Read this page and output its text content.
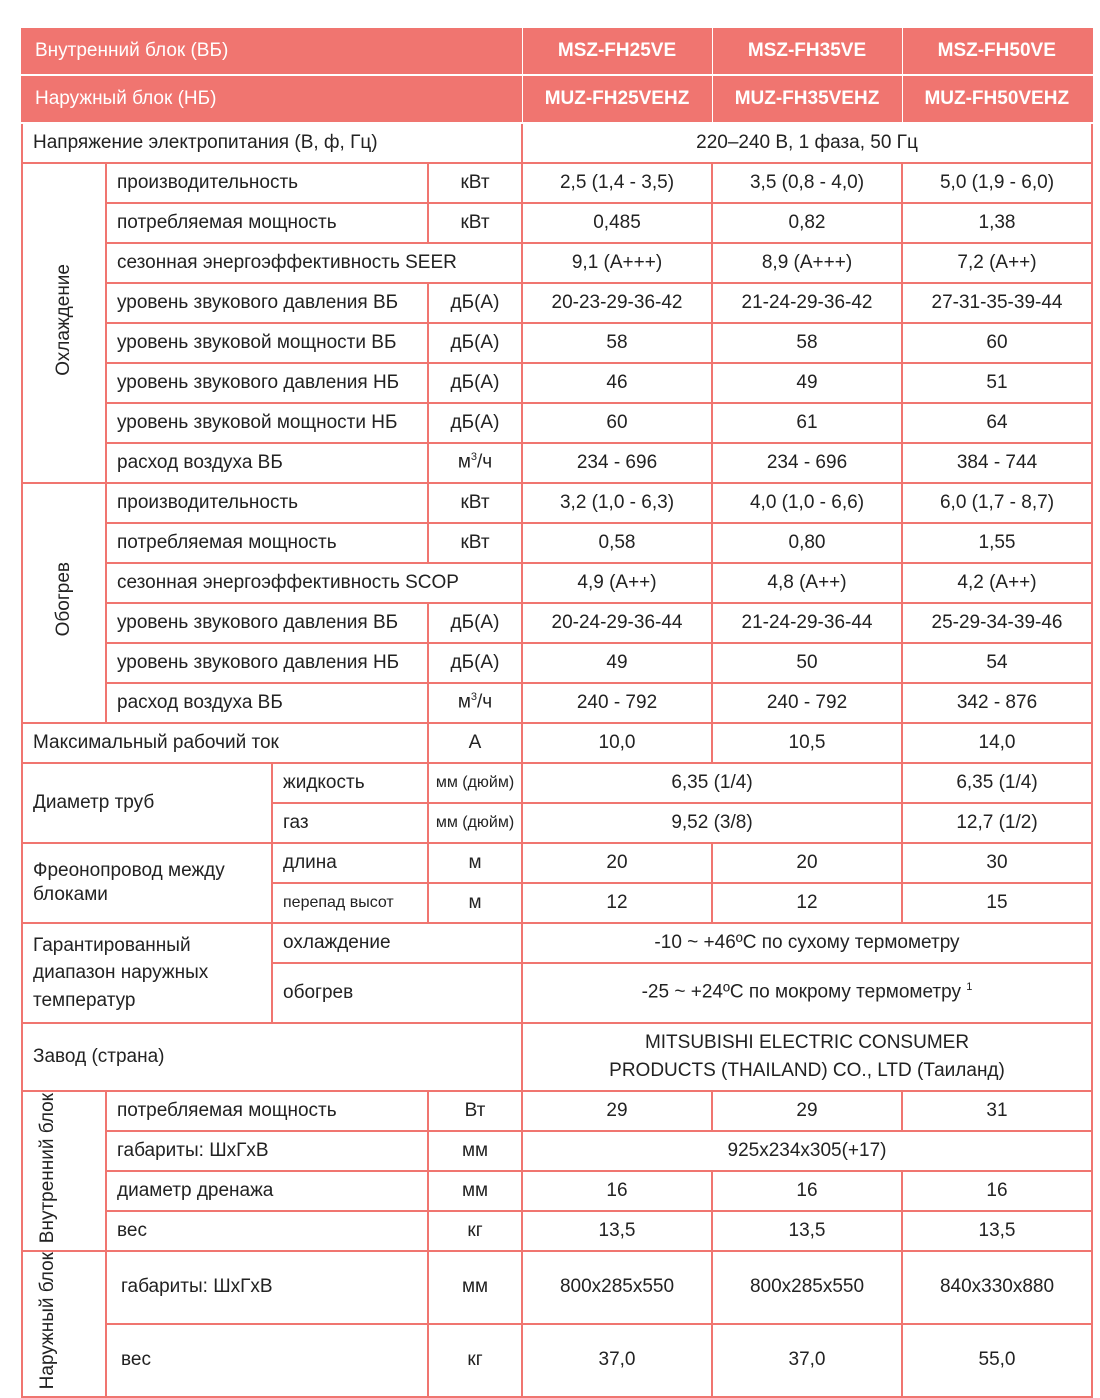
Внутренний блок (ВБ)				MSZ-FH25VE	MSZ-FH35VE	MSZ-FH50VE
Наружный блок (НБ)				MUZ-FH25VEHZ	MUZ-FH35VEHZ	MUZ-FH50VEHZ
Напряжение электропитания (В, ф, Гц)				220–240 В, 1 фаза, 50 Гц		
Охлаждение	производительность		кВт	2,5 (1,4 - 3,5)	3,5 (0,8 - 4,0)	5,0 (1,9 - 6,0)
	потребляемая мощность		кВт	0,485	0,82	1,38
	сезонная энергоэффективность SEER			9,1 (A+++)	8,9 (A+++)	7,2 (A++)
	уровень звукового давления ВБ		дБ(А)	20-23-29-36-42	21-24-29-36-42	27-31-35-39-44
	уровень звуковой мощности ВБ		дБ(А)	58	58	60
	уровень звукового давления НБ		дБ(А)	46	49	51
	уровень звуковой мощности НБ		дБ(А)	60	61	64
	расход воздуха ВБ		$м^3/ч$	234 - 696	234 - 696	384 - 744
Обогрев	производительность		кВт	3,2 (1,0 - 6,3)	4,0 (1,0 - 6,6)	6,0 (1,7 - 8,7)
	потребляемая мощность		кВт	0,58	0,80	1,55
	сезонная энергоэффективность SCOP			4,9 (A++)	4,8 (A++)	4,2 (A++)
	уровень звукового давления ВБ		дБ(А)	20-24-29-36-44	21-24-29-36-44	25-29-34-39-46
	уровень звукового давления НБ		дБ(А)	49	50	54
	расход воздуха ВБ		$м^3/ч$	240 - 792	240 - 792	342 - 876
Максимальный рабочий ток			А	10,0	10,5	14,0
Диаметр труб		жидкость	мм (дюйм)	6,35 (1/4)		6,35 (1/4)
		газ	мм (дюйм)	9,52 (3/8)		12,7 (1/2)
Фреонопровод между блоками		длина	м	20	20	30
		перепад высот	м	12	12	15
Гарантированный диапазон наружных температур		охлаждение		-10 ~ +46ºС по сухому термометру		
		обогрев		-25 ~ +24ºС по мокрому термометру $^1$
Завод (страна)				MITSUBISHI ELECTRIC CONSUMER
PRODUCTS (THAILAND) CO., LTD (Таиланд)		
Внутренний блок	потребляемая мощность		Вт	29	29	31
	габариты: ШхГхВ		мм	925x234x305(+17)		
	диаметр дренажа		мм	16	16	16
	вес		кг	13,5	13,5	13,5
Наружный блок	габариты: ШхГхВ		мм	800x285x550	800x285x550	840x330x880
	вес		кг	37,0	37,0	55,0
